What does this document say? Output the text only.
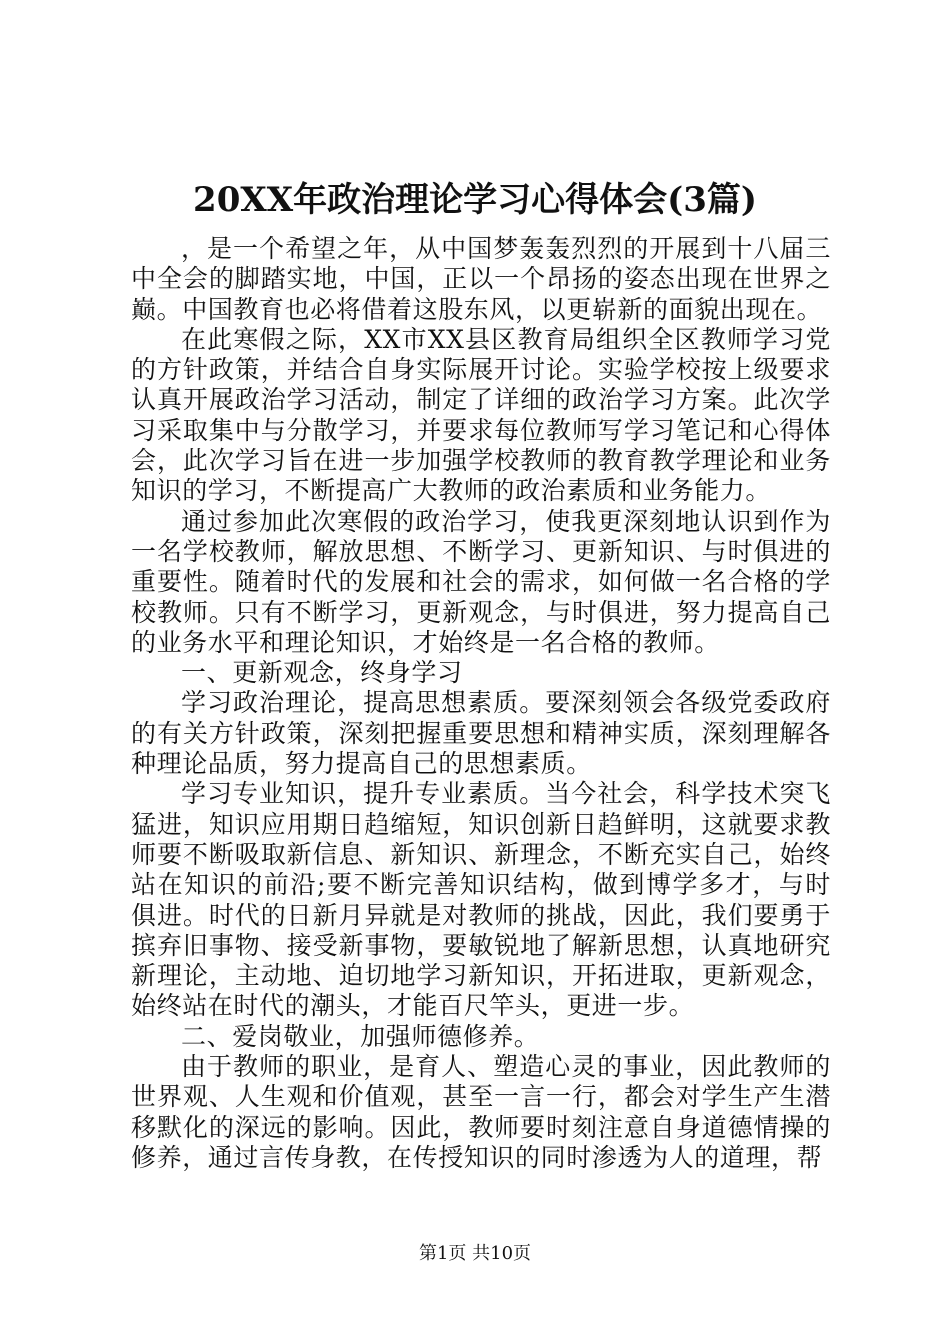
20XX年政治理论学习心得体会(3篇)

，是一个希望之年，从中国梦轰轰烈烈的开展到十八届三中全会的脚踏实地，中国，正以一个昂扬的姿态出现在世界之巅。中国教育也必将借着这股东风，以更崭新的面貌出现在。

在此寒假之际，XX市XX县区教育局组织全区教师学习党的方针政策，并结合自身实际展开讨论。实验学校按上级要求认真开展政治学习活动，制定了详细的政治学习方案。此次学习采取集中与分散学习，并要求每位教师写学习笔记和心得体会，此次学习旨在进一步加强学校教师的教育教学理论和业务知识的学习，不断提高广大教师的政治素质和业务能力。

通过参加此次寒假的政治学习，使我更深刻地认识到作为一名学校教师，解放思想、不断学习、更新知识、与时俱进的重要性。随着时代的发展和社会的需求，如何做一名合格的学校教师。只有不断学习，更新观念，与时俱进，努力提高自己的业务水平和理论知识，才始终是一名合格的教师。

一、更新观念，终身学习

学习政治理论，提高思想素质。要深刻领会各级党委政府的有关方针政策，深刻把握重要思想和精神实质，深刻理解各种理论品质，努力提高自己的思想素质。

学习专业知识，提升专业素质。当今社会，科学技术突飞猛进，知识应用期日趋缩短，知识创新日趋鲜明，这就要求教师要不断吸取新信息、新知识、新理念，不断充实自己，始终站在知识的前沿;要不断完善知识结构，做到博学多才，与时俱进。时代的日新月异就是对教师的挑战，因此，我们要勇于摈弃旧事物、接受新事物，要敏锐地了解新思想，认真地研究新理论，主动地、迫切地学习新知识，开拓进取，更新观念，始终站在时代的潮头，才能百尺竿头，更进一步。

二、爱岗敬业，加强师德修养。

由于教师的职业，是育人、塑造心灵的事业，因此教师的世界观、人生观和价值观，甚至一言一行，都会对学生产生潜移默化的深远的影响。因此，教师要时刻注意自身道德情操的修养，通过言传身教，在传授知识的同时渗透为人的道理，帮

第1页 共10页
